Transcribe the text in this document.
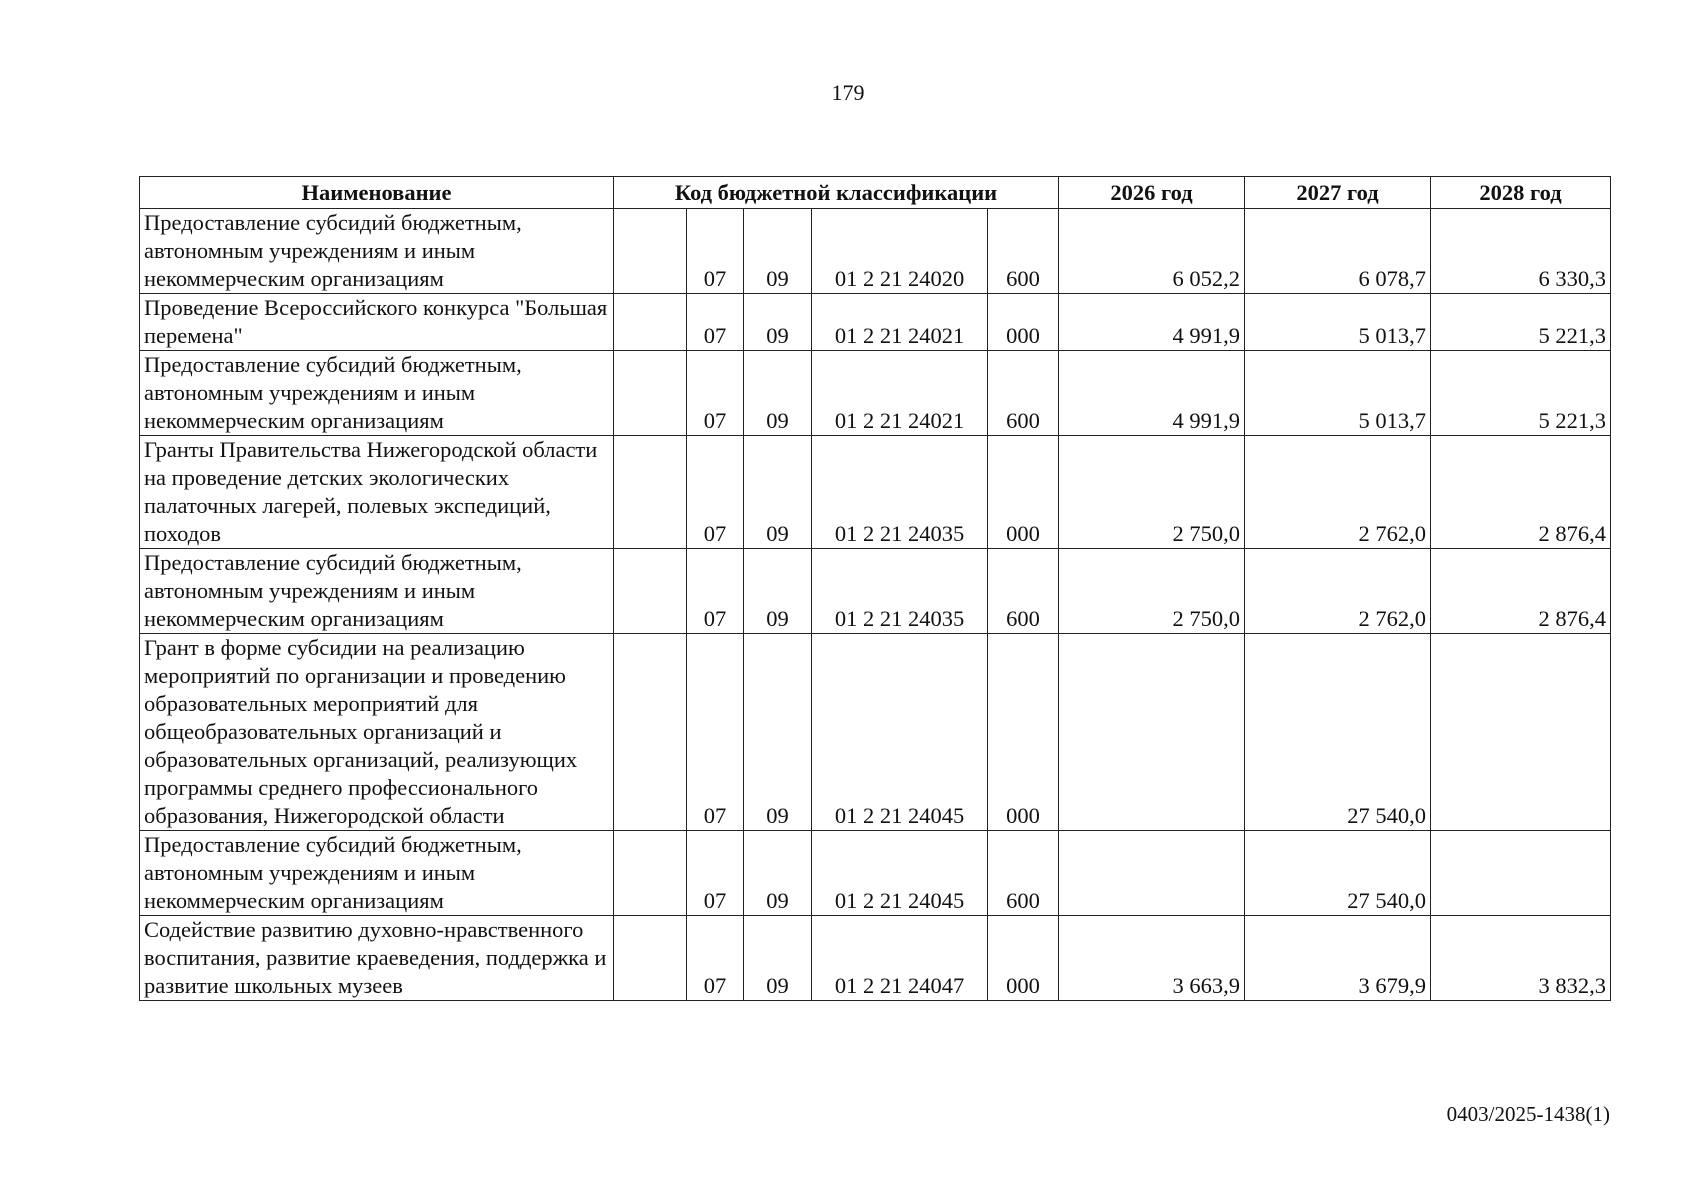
179
Наименование	Код бюджетной классификации					2026 год	2027 год	2028 год
Предоставление субсидий бюджетным, автономным учреждениям и иным некоммерческим организациям		07	09	01 2 21 24020	600	6 052,2	6 078,7	6 330,3
Проведение Всероссийского конкурса "Большая перемена"		07	09	01 2 21 24021	000	4 991,9	5 013,7	5 221,3
Предоставление субсидий бюджетным, автономным учреждениям и иным некоммерческим организациям		07	09	01 2 21 24021	600	4 991,9	5 013,7	5 221,3
Гранты Правительства Нижегородской области на проведение детских экологических палаточных лагерей, полевых экспедиций, походов		07	09	01 2 21 24035	000	2 750,0	2 762,0	2 876,4
Предоставление субсидий бюджетным, автономным учреждениям и иным некоммерческим организациям		07	09	01 2 21 24035	600	2 750,0	2 762,0	2 876,4
Грант в форме субсидии на реализацию мероприятий по организации и проведению образовательных мероприятий для общеобразовательных организаций и образовательных организаций, реализующих программы среднего профессионального образования, Нижегородской области		07	09	01 2 21 24045	000		27 540,0	
Предоставление субсидий бюджетным, автономным учреждениям и иным некоммерческим организациям		07	09	01 2 21 24045	600		27 540,0	
Содействие развитию духовно-нравственного воспитания, развитие краеведения, поддержка и развитие школьных музеев		07	09	01 2 21 24047	000	3 663,9	3 679,9	3 832,3
0403/2025-1438(1)
